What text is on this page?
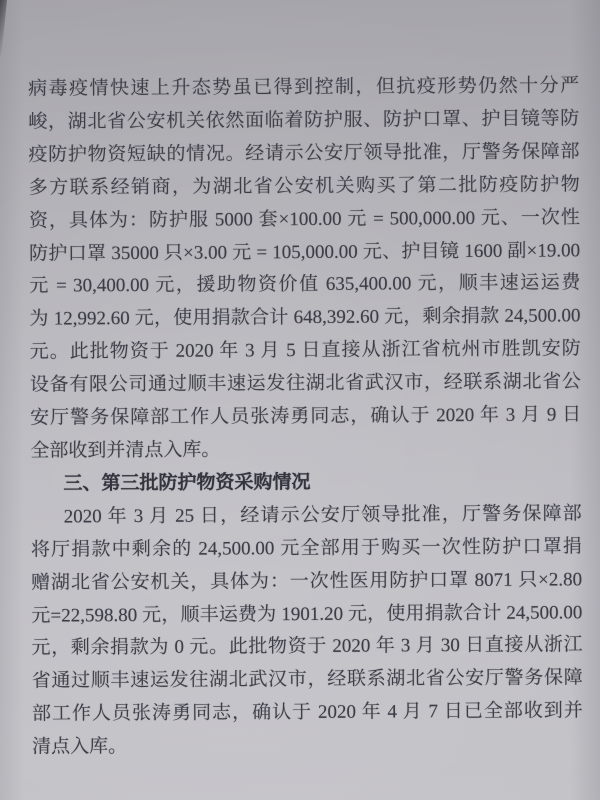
病毒疫情快速上升态势虽已得到控制，但抗疫形势仍然十分严
峻，湖北省公安机关依然面临着防护服、防护口罩、护目镜等防
疫防护物资短缺的情况。经请示公安厅领导批准，厅警务保障部
多方联系经销商，为湖北省公安机关购买了第二批防疫防护物
资，具体为：防护服 5000 套×100.00 元 = 500,000.00 元、一次性
防护口罩 35000 只×3.00 元 = 105,000.00 元、护目镜 1600 副×19.00
元 = 30,400.00 元，援助物资价值 635,400.00 元，顺丰速运运费
为 12,992.60 元，使用捐款合计 648,392.60 元，剩余捐款 24,500.00
元。此批物资于 2020 年 3 月 5 日直接从浙江省杭州市胜凯安防
设备有限公司通过顺丰速运发往湖北省武汉市，经联系湖北省公
安厅警务保障部工作人员张涛勇同志，确认于 2020 年 3 月 9 日
全部收到并清点入库。
三、第三批防护物资采购情况
2020 年 3 月 25 日，经请示公安厅领导批准，厅警务保障部
将厅捐款中剩余的 24,500.00 元全部用于购买一次性防护口罩捐
赠湖北省公安机关，具体为：一次性医用防护口罩 8071 只×2.80
元=22,598.80 元，顺丰运费为 1901.20 元，使用捐款合计 24,500.00
元，剩余捐款为 0 元。此批物资于 2020 年 3 月 30 日直接从浙江
省通过顺丰速运发往湖北武汉市，经联系湖北省公安厅警务保障
部工作人员张涛勇同志，确认于 2020 年 4 月 7 日已全部收到并
清点入库。
